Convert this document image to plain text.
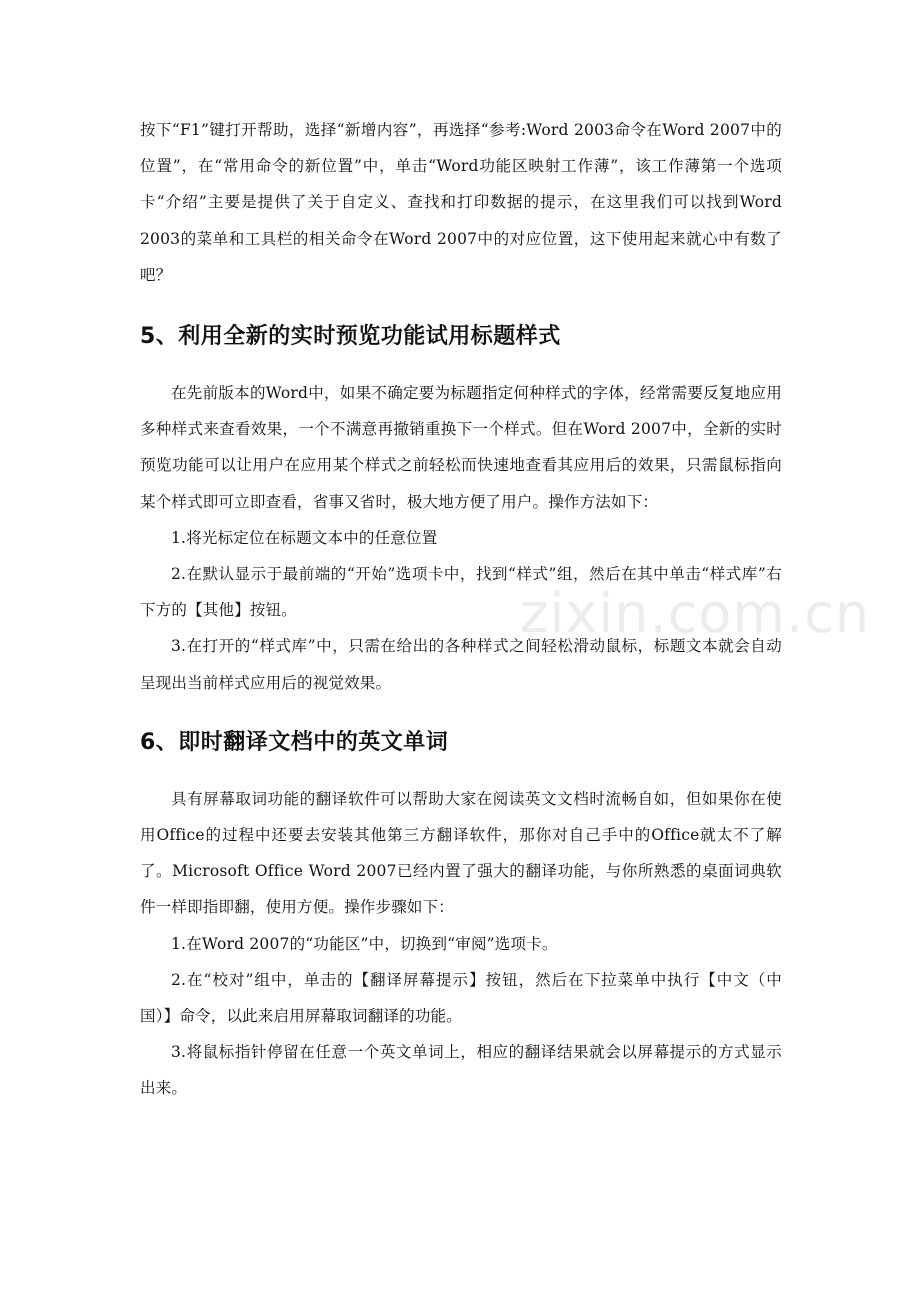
按下“F1”键打开帮助，选择“新增内容”，再选择“参考:Word 2003命令在Word 2007中的位置”，在“常用命令的新位置”中，单击“Word功能区映射工作薄”，该工作薄第一个选项卡“介绍”主要是提供了关于自定义、查找和打印数据的提示，在这里我们可以找到Word 2003的菜单和工具栏的相关命令在Word 2007中的对应位置，这下使用起来就心中有数了吧？

5、利用全新的实时预览功能试用标题样式

在先前版本的Word中，如果不确定要为标题指定何种样式的字体，经常需要反复地应用多种样式来查看效果，一个不满意再撤销重换下一个样式。但在Word 2007中，全新的实时预览功能可以让用户在应用某个样式之前轻松而快速地查看其应用后的效果，只需鼠标指向某个样式即可立即查看，省事又省时，极大地方便了用户。操作方法如下：

1.将光标定位在标题文本中的任意位置

2.在默认显示于最前端的“开始”选项卡中，找到“样式”组，然后在其中单击“样式库”右下方的【其他】按钮。

3.在打开的“样式库”中，只需在给出的各种样式之间轻松滑动鼠标，标题文本就会自动呈现出当前样式应用后的视觉效果。

6、即时翻译文档中的英文单词

具有屏幕取词功能的翻译软件可以帮助大家在阅读英文文档时流畅自如，但如果你在使用Office的过程中还要去安装其他第三方翻译软件，那你对自己手中的Office就太不了解了。Microsoft Office Word 2007已经内置了强大的翻译功能，与你所熟悉的桌面词典软件一样即指即翻，使用方便。操作步骤如下：

1.在Word 2007的“功能区”中，切换到“审阅”选项卡。

2.在“校对”组中，单击的【翻译屏幕提示】按钮，然后在下拉菜单中执行【中文（中国）】命令，以此来启用屏幕取词翻译的功能。

3.将鼠标指针停留在任意一个英文单词上，相应的翻译结果就会以屏幕提示的方式显示出来。

zixin.com.cn
